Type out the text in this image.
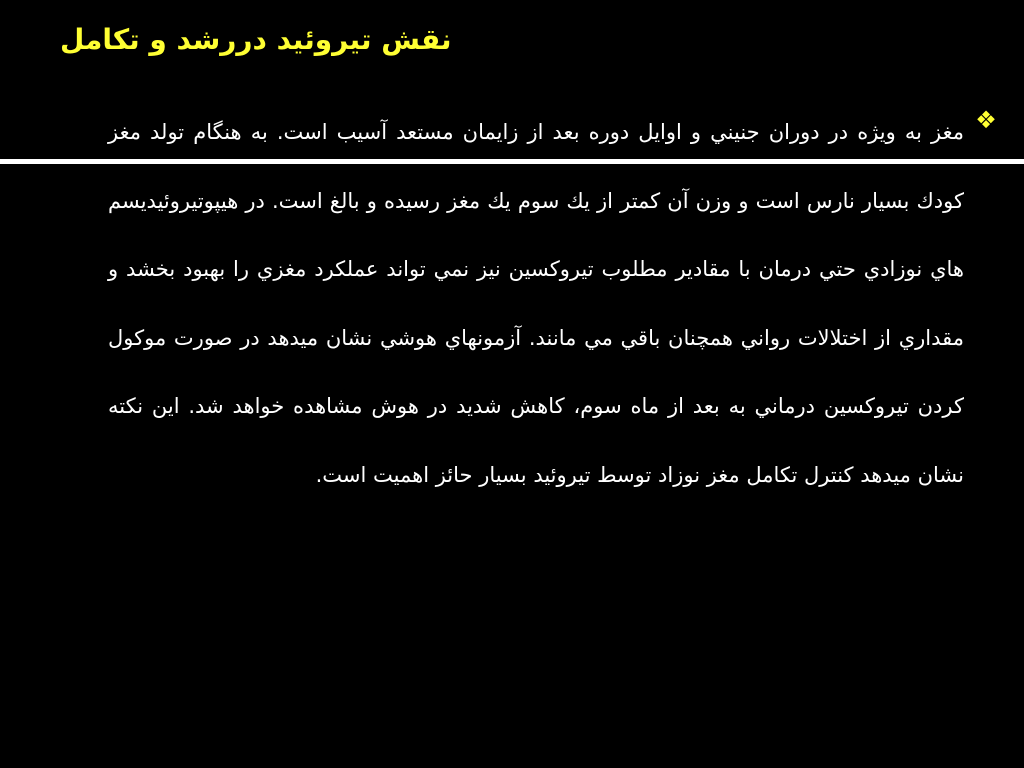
نقش تيروئيد دررشد و تكامل
❖

مغز به ويژه در دوران جنيني و اوايل دوره بعد از زايمان مستعد آسيب است. به هنگام تولد مغز كودك بسيار نارس است و وزن آن كمتر از يك سوم يك مغز رسيده و بالغ است. در هيپوتيروئيديسم هاي نوزادي حتي درمان با مقادير مطلوب تيروكسين نيز نمي تواند عملكرد مغزي را بهبود بخشد و مقداري از اختلالات رواني همچنان باقي مي مانند. آزمونهاي هوشي نشان ميدهد در صورت موكول كردن تيروكسين درماني به بعد از ماه سوم، كاهش شديد در هوش مشاهده خواهد شد. اين نكته نشان ميدهد كنترل تكامل مغز نوزاد توسط تيروئيد بسيار حائز اهميت است.
